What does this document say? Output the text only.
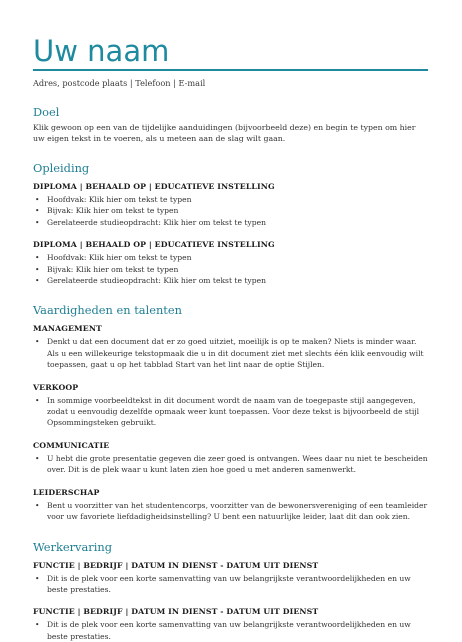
Uw naam
Adres, postcode plaats | Telefoon | E-mail
Doel

Klik gewoon op een van de tijdelijke aanduidingen (bijvoorbeeld deze) en begin te typen om hier uw eigen tekst in te voeren, als u meteen aan de slag wilt gaan.

Opleiding
DIPLOMA | BEHAALD OP | EDUCATIEVE INSTELLING
• Hoofdvak: Klik hier om tekst te typen
• Bijvak: Klik hier om tekst te typen
• Gerelateerde studieopdracht: Klik hier om tekst te typen
DIPLOMA | BEHAALD OP | EDUCATIEVE INSTELLING
• Hoofdvak: Klik hier om tekst te typen
• Bijvak: Klik hier om tekst te typen
• Gerelateerde studieopdracht: Klik hier om tekst te typen
Vaardigheden en talenten
MANAGEMENT
• Denkt u dat een document dat er zo goed uitziet, moeilijk is op te maken? Niets is minder waar. Als u een willekeurige tekstopmaak die u in dit document ziet met slechts één klik eenvoudig wilt toepassen, gaat u op het tabblad Start van het lint naar de optie Stijlen.
VERKOOP
• In sommige voorbeeldtekst in dit document wordt de naam van de toegepaste stijl aangegeven, zodat u eenvoudig dezelfde opmaak weer kunt toepassen. Voor deze tekst is bijvoorbeeld de stijl Opsommingsteken gebruikt.
COMMUNICATIE
• U hebt die grote presentatie gegeven die zeer goed is ontvangen. Wees daar nu niet te bescheiden over. Dit is de plek waar u kunt laten zien hoe goed u met anderen samenwerkt.
LEIDERSCHAP
• Bent u voorzitter van het studentencorps, voorzitter van de bewonersvereniging of een teamleider voor uw favoriete liefdadigheidsinstelling? U bent een natuurlijke leider, laat dit dan ook zien.
Werkervaring
FUNCTIE | BEDRIJF | DATUM IN DIENST - DATUM UIT DIENST
• Dit is de plek voor een korte samenvatting van uw belangrijkste verantwoordelijkheden en uw beste prestaties.
FUNCTIE | BEDRIJF | DATUM IN DIENST - DATUM UIT DIENST
• Dit is de plek voor een korte samenvatting van uw belangrijkste verantwoordelijkheden en uw beste prestaties.
